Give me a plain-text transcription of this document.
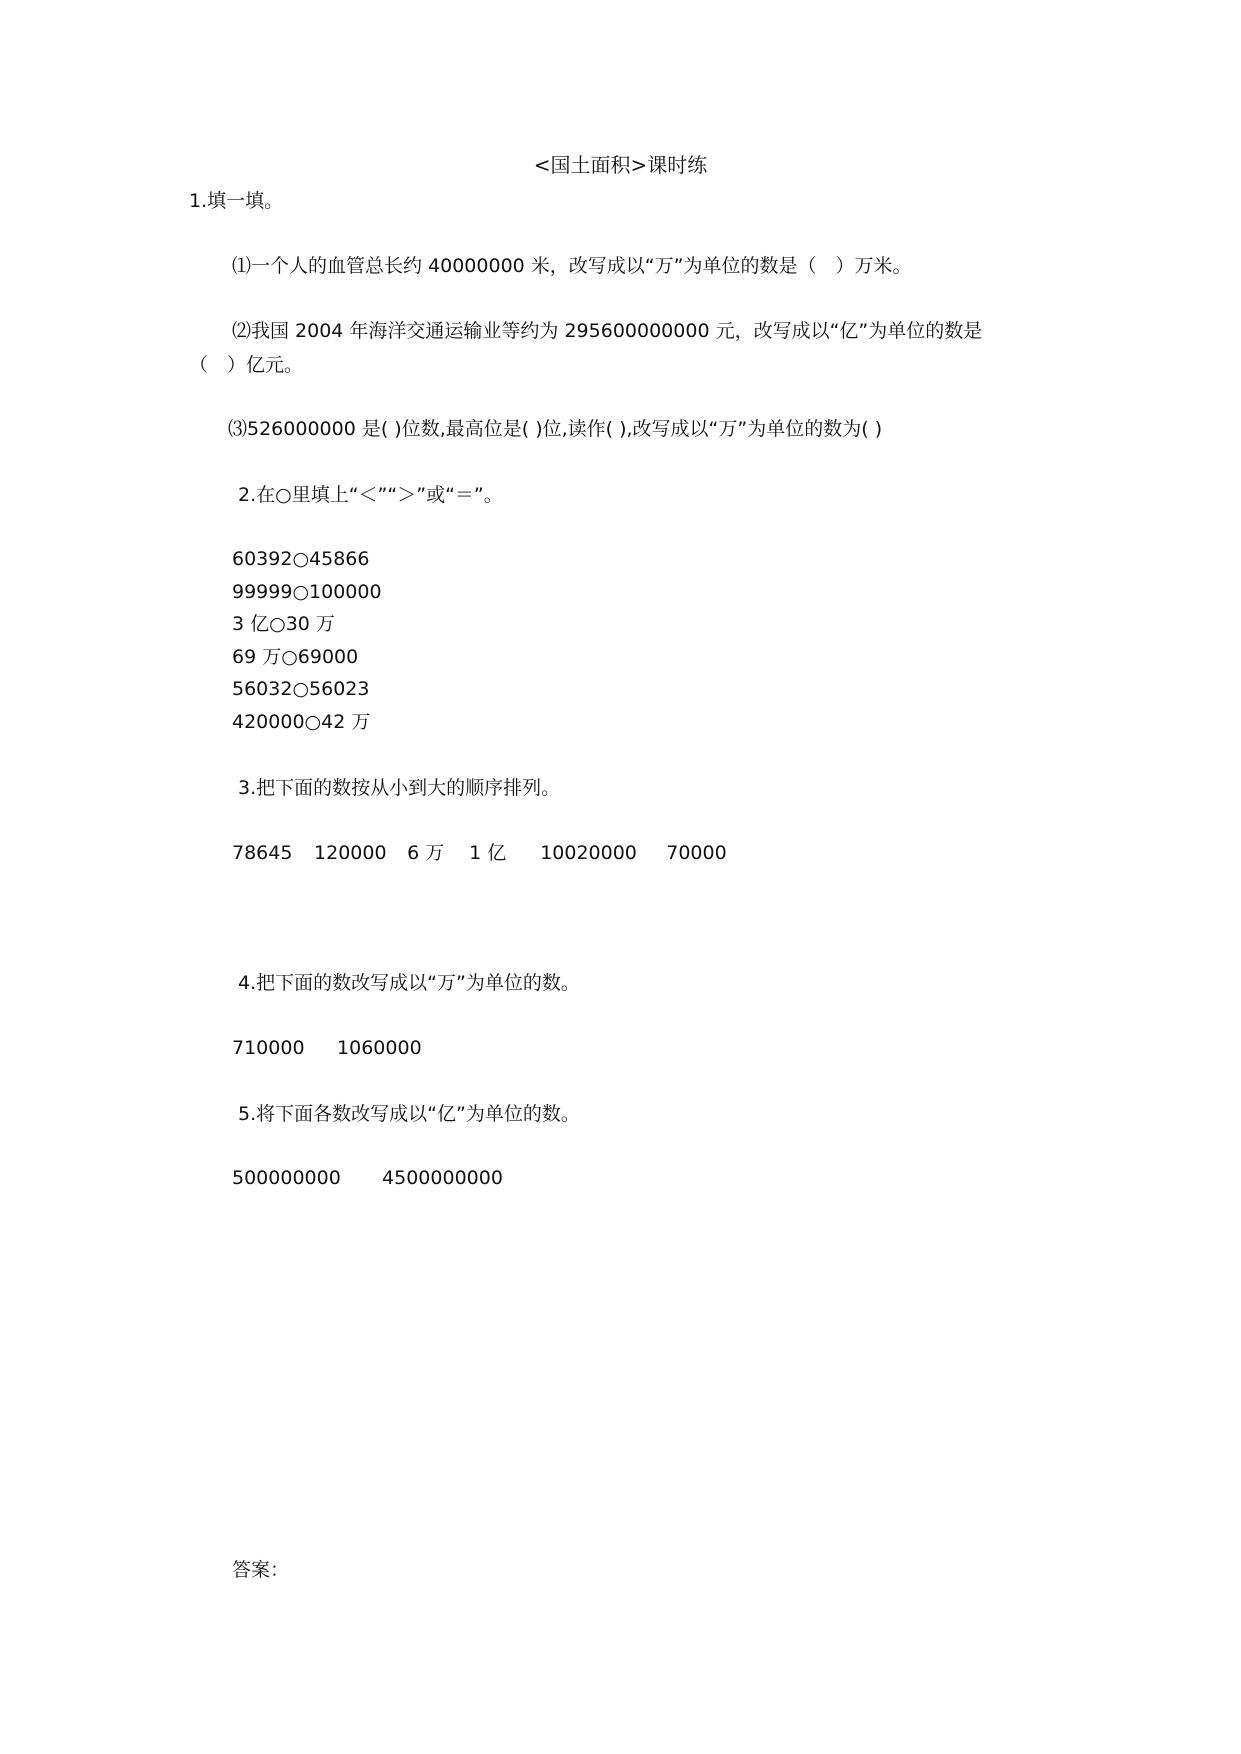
<国土面积>课时练
1.填一填。
⑴一个人的血管总长约 40000000 米，改写成以“万”为单位的数是（　）万米。
⑵我国 2004 年海洋交通运输业等约为 295600000000 元，改写成以“亿”为单位的数是
（　）亿元。
⑶526000000 是( )位数,最高位是( )位,读作( ),改写成以“万”为单位的数为( )
2.在○里填上“＜”“＞”或“＝”。
60392○45866
99999○100000
3 亿○30 万
69 万○69000
56032○56023
420000○42 万
3.把下面的数按从小到大的顺序排列。
78645 120000 6 万 1 亿 10020000 70000
4.把下面的数改写成以“万”为单位的数。
710000 1060000
5.将下面各数改写成以“亿”为单位的数。
500000000 4500000000
答案：
